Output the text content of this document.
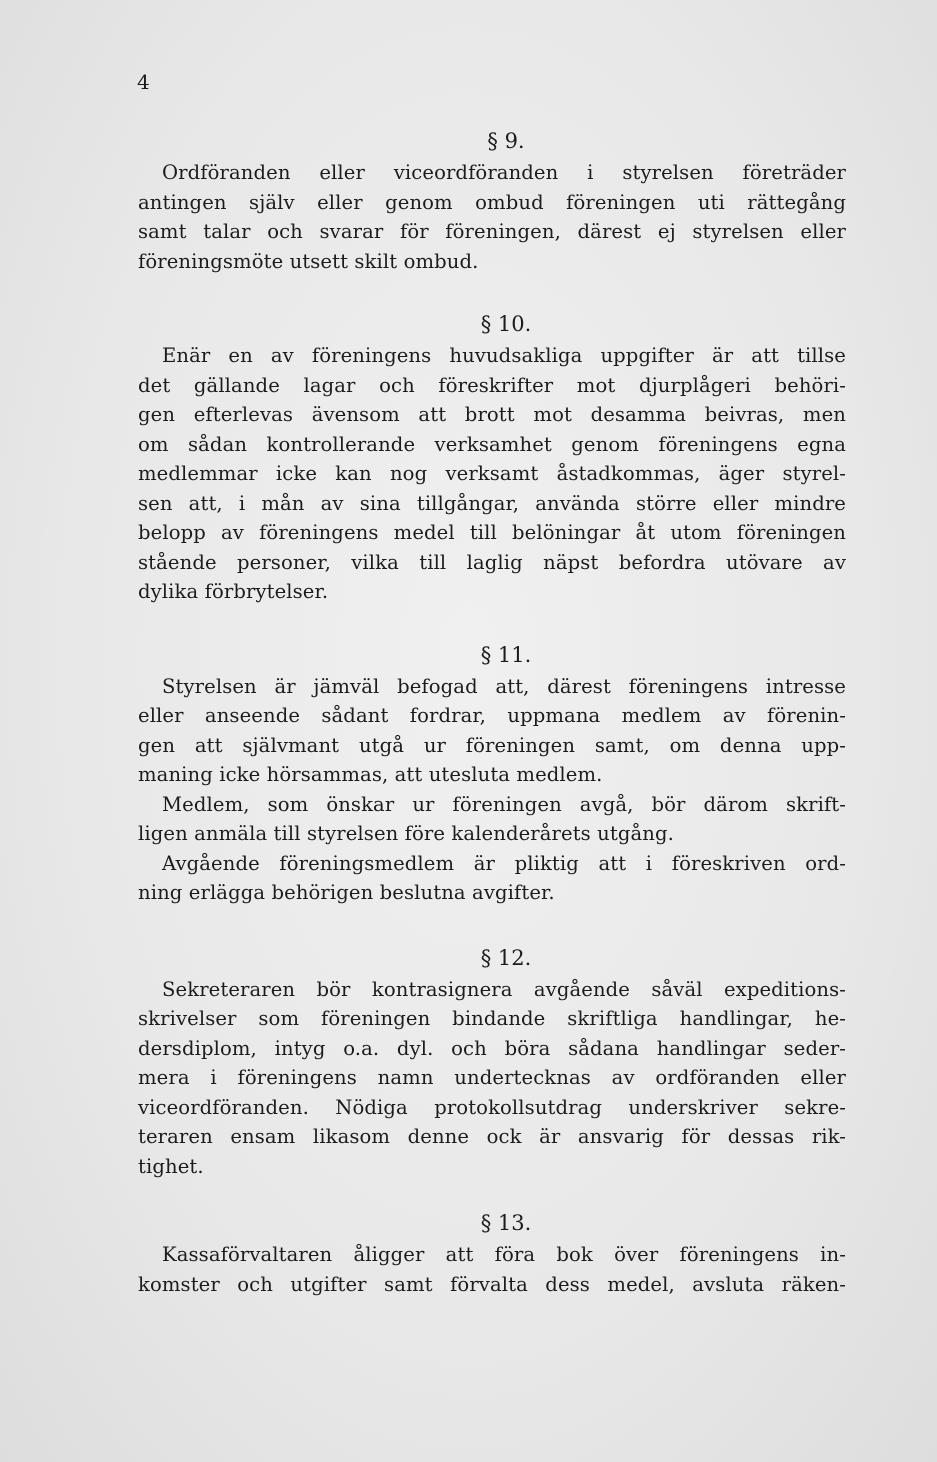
4
§ 9.

Ordföranden eller viceordföranden i styrelsen företräder
antingen själv eller genom ombud föreningen uti rättegång
samt talar och svarar för föreningen, därest ej styrelsen eller
föreningsmöte utsett skilt ombud.

§ 10.

Enär en av föreningens huvudsakliga uppgifter är att tillse
det gällande lagar och föreskrifter mot djurplågeri behöri-
gen efterlevas ävensom att brott mot desamma beivras, men
om sådan kontrollerande verksamhet genom föreningens egna
medlemmar icke kan nog verksamt åstadkommas, äger styrel-
sen att, i mån av sina tillgångar, använda större eller mindre
belopp av föreningens medel till belöningar åt utom föreningen
stående personer, vilka till laglig näpst befordra utövare av
dylika förbrytelser.

§ 11.

Styrelsen är jämväl befogad att, därest föreningens intresse
eller anseende sådant fordrar, uppmana medlem av förenin-
gen att självmant utgå ur föreningen samt, om denna upp-
maning icke hörsammas, att utesluta medlem.

Medlem, som önskar ur föreningen avgå, bör därom skrift-
ligen anmäla till styrelsen före kalenderårets utgång.

Avgående föreningsmedlem är pliktig att i föreskriven ord-
ning erlägga behörigen beslutna avgifter.

§ 12.

Sekreteraren bör kontrasignera avgående såväl expeditions-
skrivelser som föreningen bindande skriftliga handlingar, he-
dersdiplom, intyg o.a. dyl. och böra sådana handlingar seder-
mera i föreningens namn undertecknas av ordföranden eller
viceordföranden. Nödiga protokollsutdrag underskriver sekre-
teraren ensam likasom denne ock är ansvarig för dessas rik-
tighet.

§ 13.

Kassaförvaltaren åligger att föra bok över föreningens in-
komster och utgifter samt förvalta dess medel, avsluta räken-
